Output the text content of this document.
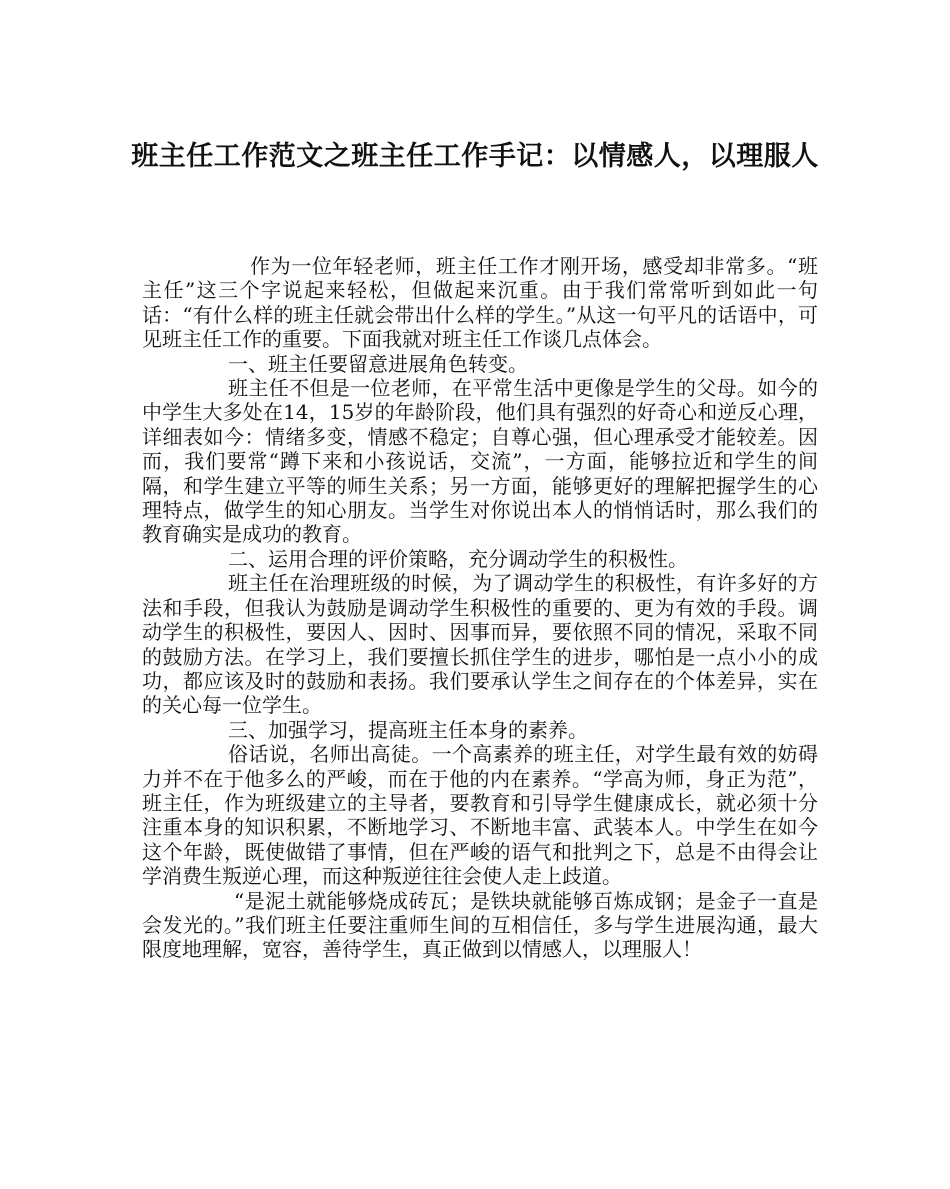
班主任工作范文之班主任工作手记：以情感人，以理服人

作为一位年轻老师，班主任工作才刚开场，感受却非常多。“班主任”这三个字说起来轻松，但做起来沉重。由于我们常常听到如此一句话：“有什么样的班主任就会带出什么样的学生。”从这一句平凡的话语中，可见班主任工作的重要。下面我就对班主任工作谈几点体会。

一、班主任要留意进展角色转变。

班主任不但是一位老师，在平常生活中更像是学生的父母。如今的中学生大多处在14，15岁的年龄阶段，他们具有强烈的好奇心和逆反心理，详细表如今：情绪多变，情感不稳定；自尊心强，但心理承受才能较差。因而，我们要常“蹲下来和小孩说话，交流”，一方面，能够拉近和学生的间隔，和学生建立平等的师生关系；另一方面，能够更好的理解把握学生的心理特点，做学生的知心朋友。当学生对你说出本人的悄悄话时，那么我们的教育确实是成功的教育。

二、运用合理的评价策略，充分调动学生的积极性。

班主任在治理班级的时候，为了调动学生的积极性，有许多好的方法和手段，但我认为鼓励是调动学生积极性的重要的、更为有效的手段。调动学生的积极性，要因人、因时、因事而异，要依照不同的情况，采取不同的鼓励方法。在学习上，我们要擅长抓住学生的进步，哪怕是一点小小的成功，都应该及时的鼓励和表扬。我们要承认学生之间存在的个体差异，实在的关心每一位学生。

三、加强学习，提高班主任本身的素养。

俗话说，名师出高徒。一个高素养的班主任，对学生最有效的妨碍力并不在于他多么的严峻，而在于他的内在素养。“学高为师，身正为范”，班主任，作为班级建立的主导者，要教育和引导学生健康成长，就必须十分注重本身的知识积累，不断地学习、不断地丰富、武装本人。中学生在如今这个年龄，既使做错了事情，但在严峻的语气和批判之下，总是不由得会让学消费生叛逆心理，而这种叛逆往往会使人走上歧道。

“是泥土就能够烧成砖瓦；是铁块就能够百炼成钢；是金子一直是会发光的。”我们班主任要注重师生间的互相信任，多与学生进展沟通，最大限度地理解，宽容，善待学生，真正做到以情感人，以理服人！
